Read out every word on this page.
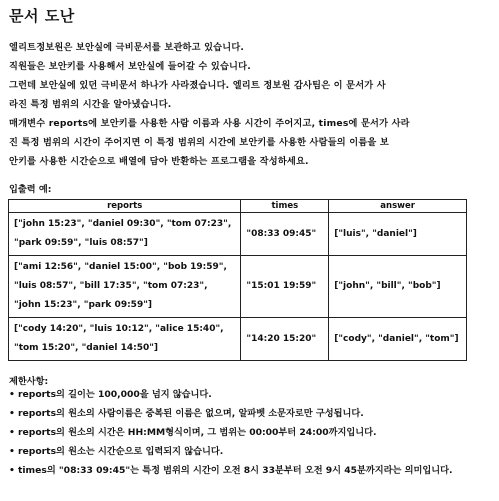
문서 도난

엘리트정보원은 보안실에 극비문서를 보관하고 있습니다.

직원들은 보안키를 사용해서 보안실에 들어갈 수 있습니다.

그런데 보안실에 있던 극비문서 하나가 사라졌습니다. 엘리트 정보원 감사팀은 이 문서가 사

라진 특정 범위의 시간을 알아냈습니다.

매개변수 reports에 보안키를 사용한 사람 이름과 사용 시간이 주어지고, times에 문서가 사라

진 특정 범위의 시간이 주어지면 이 특정 범위의 시간에 보안키를 사용한 사람들의 이름을 보

안키를 사용한 시간순으로 배열에 담아 반환하는 프로그램을 작성하세요.

입출력 예:
reports	times	answer

["john 15:23", "daniel 09:30", "tom 07:23",
"park 09:59", "luis 08:57"]	"08:33 09:45"	["luis", "daniel"]

["ami 12:56", "daniel 15:00", "bob 19:59",
"luis 08:57", "bill 17:35", "tom 07:23",
"john 15:23", "park 09:59"]	"15:01 19:59"	["john", "bill", "bob"]

["cody 14:20", "luis 10:12", "alice 15:40",
"tom 15:20", "daniel 14:50"]	"14:20 15:20"	["cody", "daniel", "tom"]
제한사항:
• reports의 길이는 100,000을 넘지 않습니다.
• reports의 원소의 사람이름은 중복된 이름은 없으며, 알파벳 소문자로만 구성됩니다.
• reports의 원소의 시간은 HH:MM형식이며, 그 범위는 00:00부터 24:00까지입니다.
• reports의 원소는 시간순으로 입력되지 않습니다.
• times의 "08:33 09:45"는 특정 범위의 시간이 오전 8시 33분부터 오전 9시 45분까지라는 의미입니다.
